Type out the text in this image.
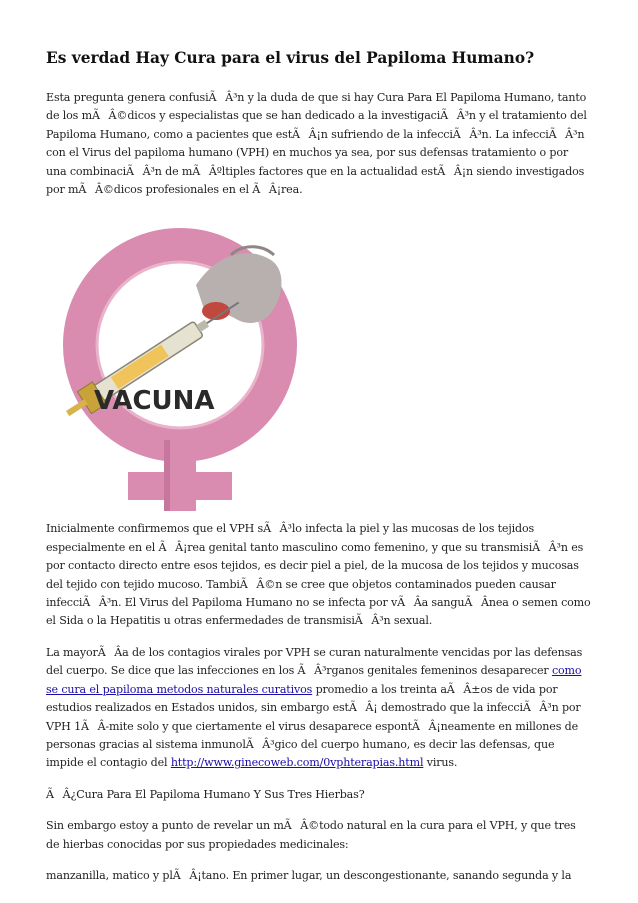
Es verdad Hay Cura para el virus del Papiloma Humano?

Esta pregunta genera confusiÃÂ³n y la duda de que si hay Cura Para El Papiloma Humano, tanto de los mÃÂ©dicos y especialistas que se han dedicado a la investigaciÃÂ³n y el tratamiento del Papiloma Humano, como a pacientes que estÃÂ¡n sufriendo de la infecciÃÂ³n. La infecciÃÂ³n con el Virus del papiloma humano (VPH) en muchos ya sea, por sus defensas tratamiento o por una combinaciÃÂ³n de mÃÂºltiples factores que en la actualidad estÃÂ¡n siendo investigados por mÃÂ©dicos profesionales en el ÃÂ¡rea.

VACUNA

Inicialmente confirmemos que el VPH sÃÂ³lo infecta la piel y las mucosas de los tejidos especialmente en el ÃÂ¡rea genital tanto masculino como femenino, y que su transmisiÃÂ³n es por contacto directo entre esos tejidos, es decir piel a piel, de la mucosa de los tejidos y mucosas del tejido con tejido mucoso. TambiÃÂ©n se cree que objetos contaminados pueden causar infecciÃÂ³n. El Virus del Papiloma Humano no se infecta por vÃÂa sanguÃÂnea o semen como el Sida o la Hepatitis u otras enfermedades de transmisiÃÂ³n sexual.

La mayorÃÂa de los contagios virales por VPH se curan naturalmente vencidas por las defensas del cuerpo. Se dice que las infecciones en los ÃÂ³rganos genitales femeninos desaparecer como se cura el papiloma metodos naturales curativos promedio a los treinta aÃÂ±os de vida por estudios realizados en Estados unidos, sin embargo estÃÂ¡ demostrado que la infecciÃÂ³n por VPH 1ÃÂ-mite solo y que ciertamente el virus desaparece espontÃÂ¡neamente en millones de personas gracias al sistema inmunolÃÂ³gico del cuerpo humano, es decir las defensas, que impide el contagio del http://www.ginecoweb.com/0vphterapias.html virus.

ÃÂ¿Cura Para El Papiloma Humano Y Sus Tres Hierbas?

Sin embargo estoy a punto de revelar un mÃÂ©todo natural en la cura para el VPH, y que tres de hierbas conocidas por sus propiedades medicinales:

manzanilla, matico y plÃÂ¡tano. En primer lugar, un descongestionante, sanando segunda y la
